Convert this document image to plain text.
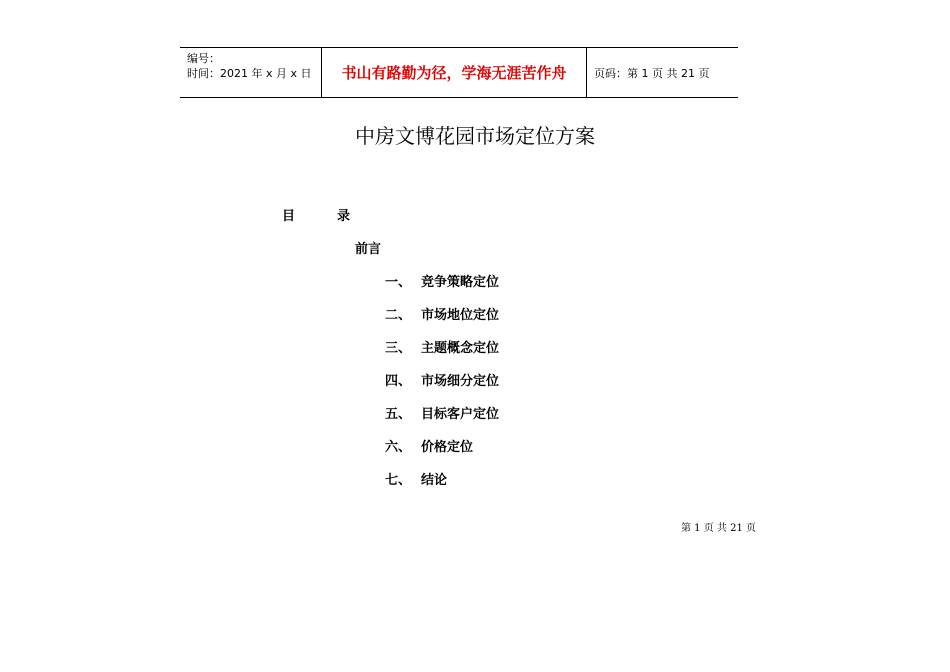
编号：
时间：2021 年 x 月 x 日	书山有路勤为径，学海无涯苦作舟	页码：第 1 页 共 21 页
中房文博花园市场定位方案
目	录
前言
一、 竞争策略定位
二、 市场地位定位
三、 主题概念定位
四、 市场细分定位
五、 目标客户定位
六、 价格定位
七、 结论
第 1 页 共 21 页
